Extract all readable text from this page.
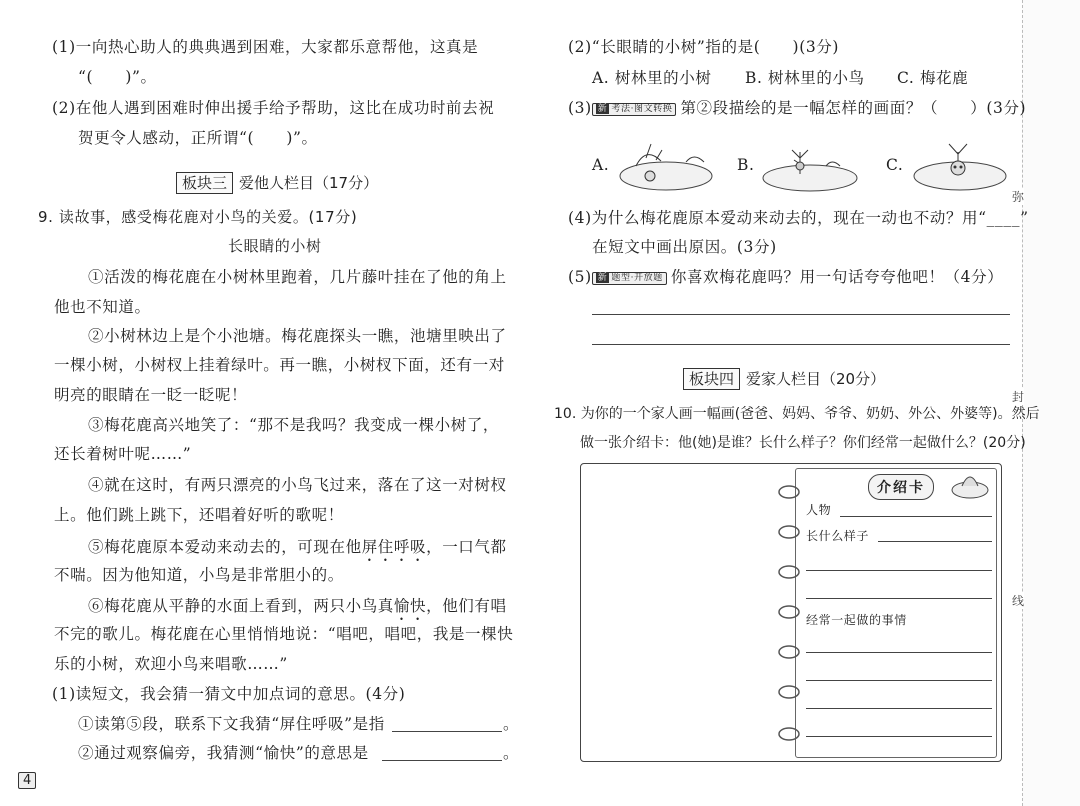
弥
封
线
(1)一向热心助人的典典遇到困难，大家都乐意帮他，这真是
“(　　)”。
(2)在他人遇到困难时伸出援手给予帮助，这比在成功时前去祝
贺更令人感动，正所谓“(　　)”。
板块三 爱他人栏目（17分）
9. 读故事，感受梅花鹿对小鸟的关爱。(17分)
长眼睛的小树
①活泼的梅花鹿在小树林里跑着，几片藤叶挂在了他的角上
他也不知道。
②小树林边上是个小池塘。梅花鹿探头一瞧，池塘里映出了
一棵小树，小树杈上挂着绿叶。再一瞧，小树杈下面，还有一对
明亮的眼睛在一眨一眨呢！
③梅花鹿高兴地笑了：“那不是我吗？我变成一棵小树了，
还长着树叶呢……”
④就在这时，有两只漂亮的小鸟飞过来，落在了这一对树杈
上。他们跳上跳下，还唱着好听的歌呢！
⑤梅花鹿原本爱动来动去的，可现在他屏住呼吸，一口气都
不喘。因为他知道，小鸟是非常胆小的。
⑥梅花鹿从平静的水面上看到，两只小鸟真愉快，他们有唱
不完的歌儿。梅花鹿在心里悄悄地说：“唱吧，唱吧，我是一棵快
乐的小树，欢迎小鸟来唱歌……”
(1)读短文，我会猜一猜文中加点词的意思。(4分)
①读第⑤段，联系下文我猜“屏住呼吸”是指	。
②通过观察偏旁，我猜测“愉快”的意思是	。
4
(2)“长眼睛的小树”指的是(　　)(3分)
A. 树林里的小树 B. 树林里的小鸟 C. 梅花鹿
(3) 新 考法·图文转换 第②段描绘的是一幅怎样的画面？（　　）(3分)
A.	B.	C.
(4)为什么梅花鹿原本爱动来动去的，现在一动也不动？用“____”
在短文中画出原因。(3分)
(5) 新 题型·开放题 你喜欢梅花鹿吗？用一句话夸夸他吧！（4分）
板块四 爱家人栏目（20分）
10. 为你的一个家人画一幅画(爸爸、妈妈、爷爷、奶奶、外公、外婆等)。然后
做一张介绍卡：他(她)是谁？长什么样子？你们经常一起做什么？(20分)
介绍卡
人物
长什么样子
经常一起做的事情
